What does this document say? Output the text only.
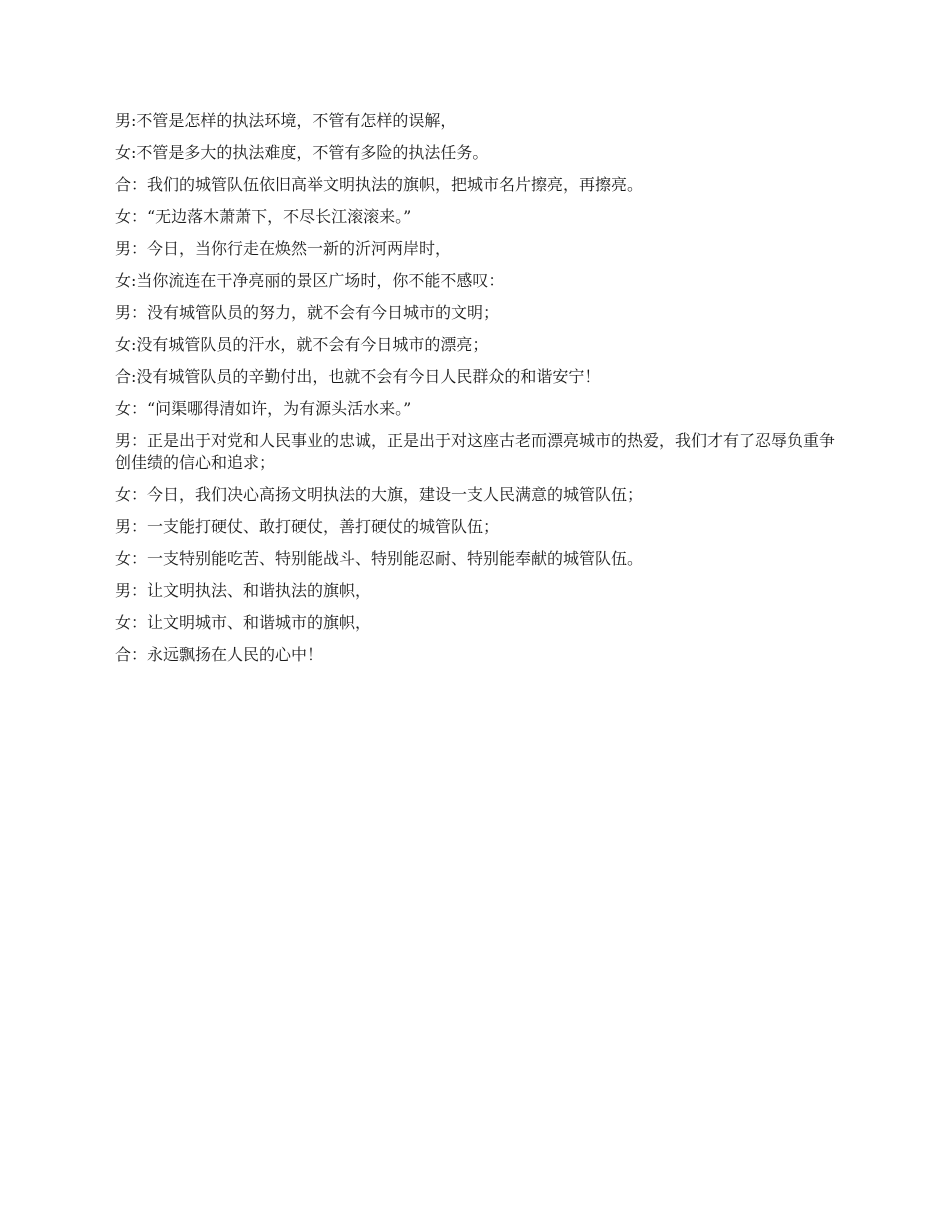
男:不管是怎样的执法环境，不管有怎样的误解，

女:不管是多大的执法难度，不管有多险的执法任务。

合：我们的城管队伍依旧高举文明执法的旗帜，把城市名片擦亮，再擦亮。

女：“无边落木萧萧下，不尽长江滚滚来。”

男：今日，当你行走在焕然一新的沂河两岸时，

女:当你流连在干净亮丽的景区广场时，你不能不感叹：

男：没有城管队员的努力，就不会有今日城市的文明；

女:没有城管队员的汗水，就不会有今日城市的漂亮；

合:没有城管队员的辛勤付出，也就不会有今日人民群众的和谐安宁！

女：“问渠哪得清如许，为有源头活水来。”

男：正是出于对党和人民事业的忠诚，正是出于对这座古老而漂亮城市的热爱，我们才有了忍辱负重争创佳绩的信心和追求；

女：今日，我们决心高扬文明执法的大旗，建设一支人民满意的城管队伍；

男：一支能打硬仗、敢打硬仗，善打硬仗的城管队伍；

女：一支特别能吃苦、特别能战斗、特别能忍耐、特别能奉献的城管队伍。

男：让文明执法、和谐执法的旗帜，

女：让文明城市、和谐城市的旗帜，

合：永远飘扬在人民的心中！
